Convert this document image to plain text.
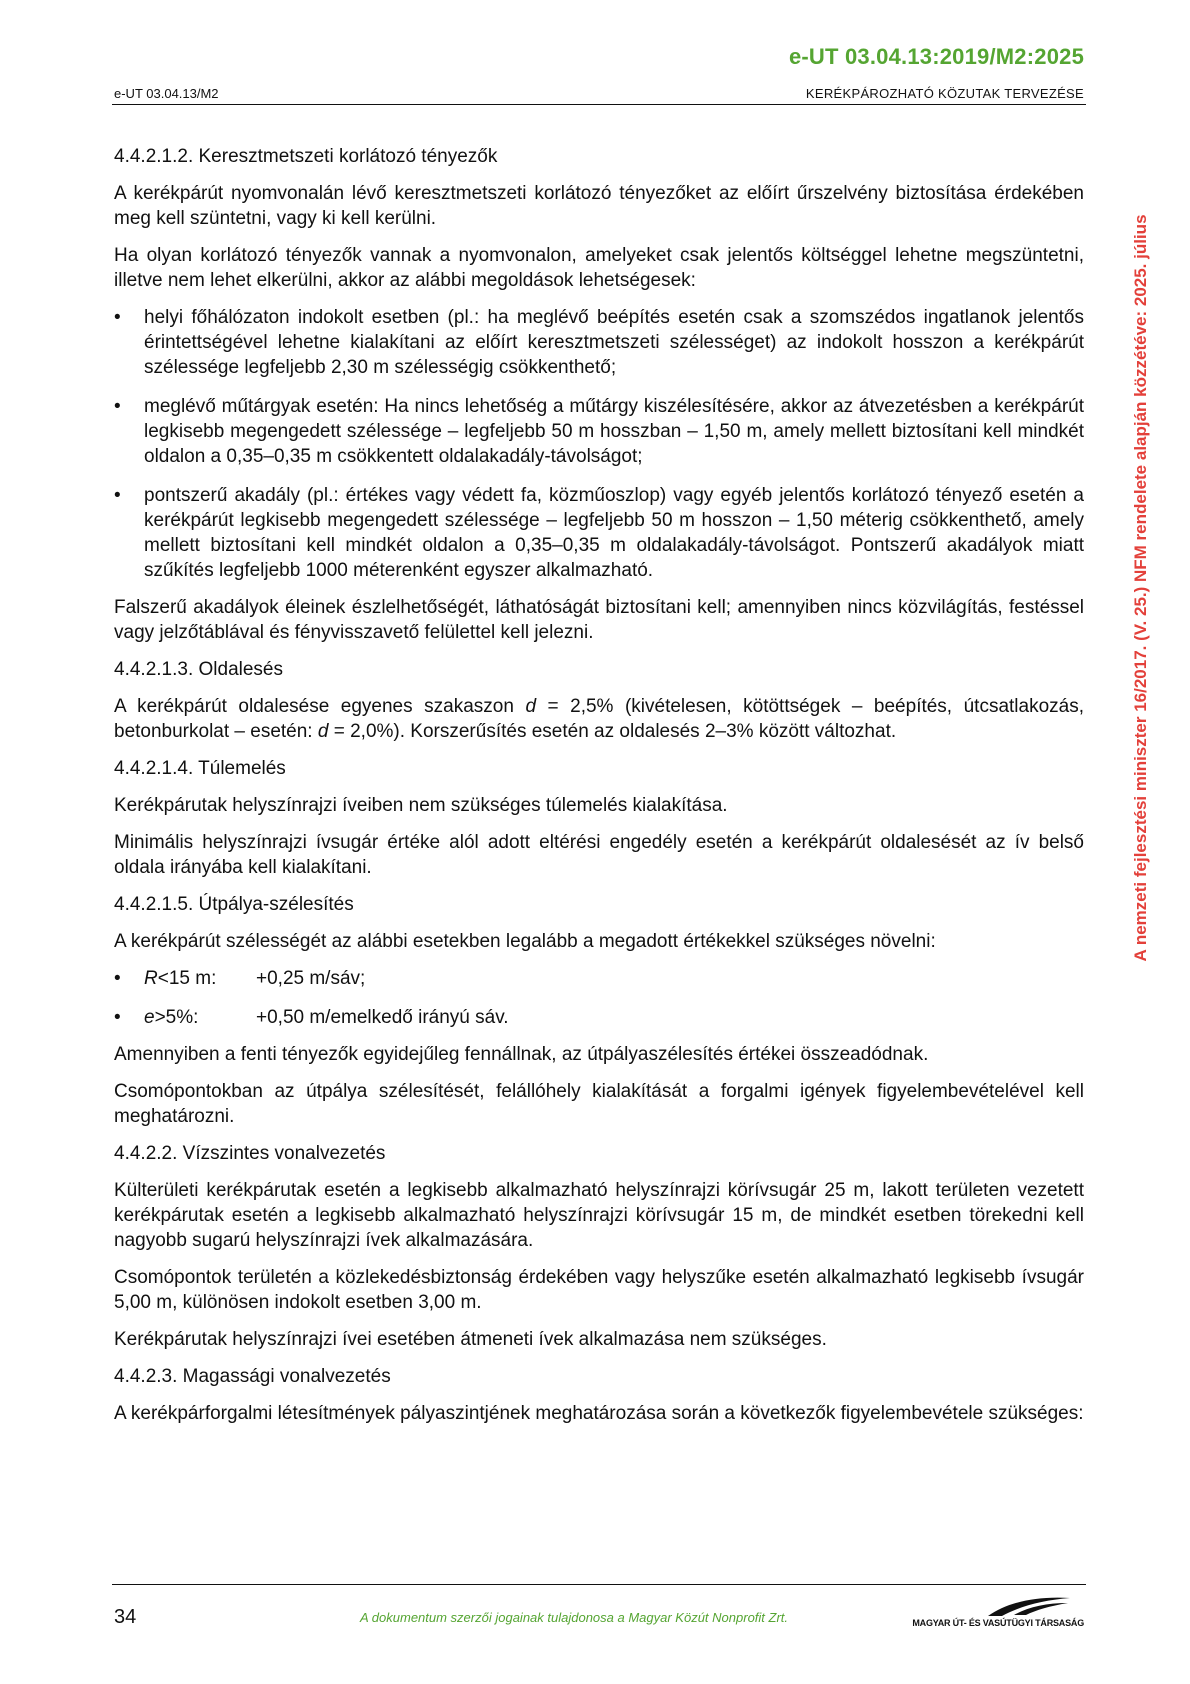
e-UT 03.04.13:2019/M2:2025
e-UT 03.04.13/M2	KERÉKPÁROZHATÓ KÖZUTAK TERVEZÉSE
A nemzeti fejlesztési miniszter 16/2017. (V. 25.) NFM rendelete alapján közzétéve: 2025. július
4.4.2.1.2. Keresztmetszeti korlátozó tényezők

A kerékpárút nyomvonalán lévő keresztmetszeti korlátozó tényezőket az előírt űrszelvény biztosítása érdekében meg kell szüntetni, vagy ki kell kerülni.

Ha olyan korlátozó tényezők vannak a nyomvonalon, amelyeket csak jelentős költséggel lehetne megszüntetni, illetve nem lehet elkerülni, akkor az alábbi megoldások lehetségesek:

• helyi főhálózaton indokolt esetben (pl.: ha meglévő beépítés esetén csak a szomszédos ingatlanok jelentős érintettségével lehetne kialakítani az előírt keresztmetszeti szélességet) az indokolt hosszon a kerékpárút szélessége legfeljebb 2,30 m szélességig csökkenthető;
• meglévő műtárgyak esetén: Ha nincs lehetőség a műtárgy kiszélesítésére, akkor az átvezetésben a kerékpárút legkisebb megengedett szélessége – legfeljebb 50 m hosszban – 1,50 m, amely mellett biztosítani kell mindkét oldalon a 0,35–0,35 m csökkentett oldalakadály-távolságot;
• pontszerű akadály (pl.: értékes vagy védett fa, közműoszlop) vagy egyéb jelentős korlátozó tényező esetén a kerékpárút legkisebb megengedett szélessége – legfeljebb 50 m hosszon – 1,50 méterig csökkenthető, amely mellett biztosítani kell mindkét oldalon a 0,35–0,35 m oldalakadály-távolságot. Pontszerű akadályok miatt szűkítés legfeljebb 1000 méterenként egyszer alkalmazható.

Falszerű akadályok éleinek észlelhetőségét, láthatóságát biztosítani kell; amennyiben nincs közvilágítás, festéssel vagy jelzőtáblával és fényvisszavető felülettel kell jelezni.

4.4.2.1.3. Oldalesés

A kerékpárút oldalesése egyenes szakaszon d = 2,5% (kivételesen, kötöttségek – beépítés, útcsatlakozás, betonburkolat – esetén: d = 2,0%). Korszerűsítés esetén az oldalesés 2–3% között változhat.

4.4.2.1.4. Túlemelés

Kerékpárutak helyszínrajzi íveiben nem szükséges túlemelés kialakítása.

Minimális helyszínrajzi ívsugár értéke alól adott eltérési engedély esetén a kerékpárút oldalesését az ív belső oldala irányába kell kialakítani.

4.4.2.1.5. Útpálya-szélesítés

A kerékpárút szélességét az alábbi esetekben legalább a megadott értékekkel szükséges növelni:

• R<15 m: +0,25 m/sáv;
• e>5%:	+0,50 m/emelkedő irányú sáv.

Amennyiben a fenti tényezők egyidejűleg fennállnak, az útpályaszélesítés értékei összeadódnak.

Csomópontokban az útpálya szélesítését, felállóhely kialakítását a forgalmi igények figyelembevételével kell meghatározni.

4.4.2.2. Vízszintes vonalvezetés

Külterületi kerékpárutak esetén a legkisebb alkalmazható helyszínrajzi körívsugár 25 m, lakott területen vezetett kerékpárutak esetén a legkisebb alkalmazható helyszínrajzi körívsugár 15 m, de mindkét esetben törekedni kell nagyobb sugarú helyszínrajzi ívek alkalmazására.

Csomópontok területén a közlekedésbiztonság érdekében vagy helyszűke esetén alkalmazható legkisebb ívsugár 5,00 m, különösen indokolt esetben 3,00 m.

Kerékpárutak helyszínrajzi ívei esetében átmeneti ívek alkalmazása nem szükséges.

4.4.2.3. Magassági vonalvezetés

A kerékpárforgalmi létesítmények pályaszintjének meghatározása során a következők figyelembevétele szükséges:

34	A dokumentum szerzői jogainak tulajdonosa a Magyar Közút Nonprofit Zrt.	MAGYAR ÚT- ÉS VASÚTÜGYI TÁRSASÁG
